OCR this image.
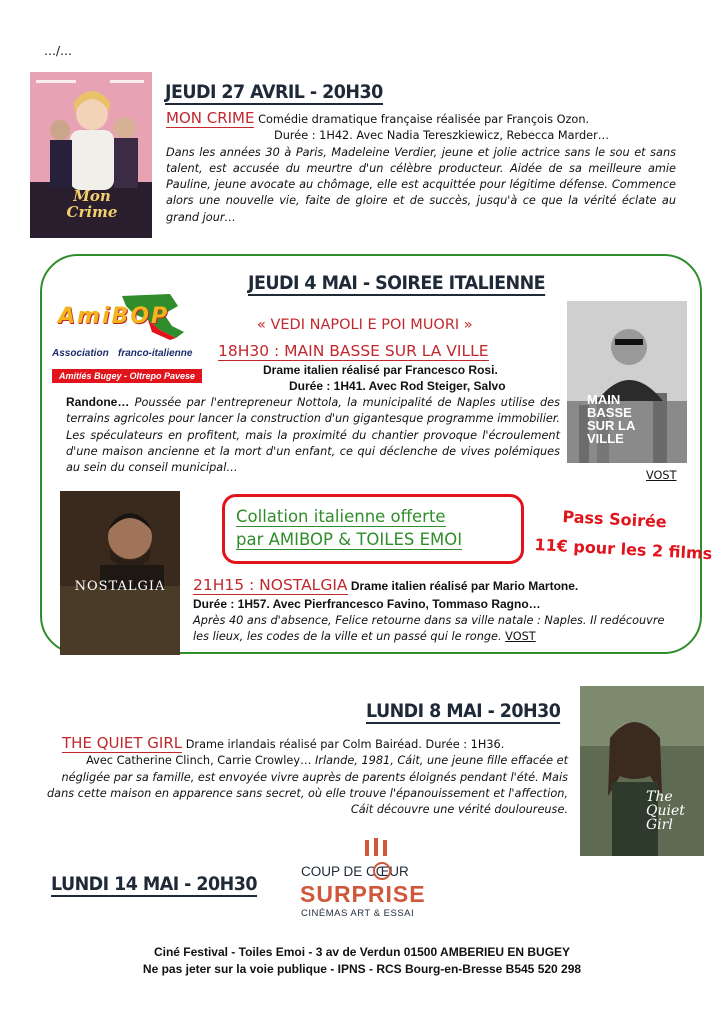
…/…
Mon Crime
JEUDI 27 AVRIL - 20H30
MON CRIME Comédie dramatique française réalisée par François Ozon.
Durée : 1H42. Avec Nadia Tereszkiewicz, Rebecca Marder…
Dans les années 30 à Paris, Madeleine Verdier, jeune et jolie actrice sans le sou et sans talent, est accusée du meurtre d'un célèbre producteur. Aidée de sa meilleure amie Pauline, jeune avocate au chômage, elle est acquittée pour légitime défense. Commence alors une nouvelle vie, faite de gloire et de succès, jusqu'à ce que la vérité éclate au grand jour…
JEUDI 4 MAI - SOIREE ITALIENNE
AmiBOP
Association franco-italienne
Amitiés Bugey - Oltrepo Pavese
« VEDI NAPOLI E POI MUORI »
MAIN BASSE SUR LA VILLE
18H30 : MAIN BASSE SUR LA VILLE
Drame italien réalisé par Francesco Rosi.
Durée : 1H41. Avec Rod Steiger, Salvo
Randone… Poussée par l'entrepreneur Nottola, la municipalité de Naples utilise des terrains agricoles pour lancer la construction d'un gigantesque programme immobilier. Les spéculateurs en profitent, mais la proximité du chantier provoque l'écroulement d'une maison ancienne et la mort d'un enfant, ce qui déclenche de vives polémiques au sein du conseil municipal…
VOST
NOSTALGIA
Collation italienne offerte
par AMIBOP & TOILES EMOI
Pass Soirée
11€ pour les 2 films
21H15 : NOSTALGIA Drame italien réalisé par Mario Martone.
Durée : 1H57. Avec Pierfrancesco Favino, Tommaso Ragno…
Après 40 ans d'absence, Felice retourne dans sa ville natale : Naples. Il redécouvre les lieux, les codes de la ville et un passé qui le ronge. VOST
LUNDI 8 MAI - 20H30
The Quiet Girl
THE QUIET GIRL Drame irlandais réalisé par Colm Bairéad. Durée : 1H36.
Avec Catherine Clinch, Carrie Crowley… Irlande, 1981, Cáit, une jeune fille effacée et négligée par sa famille, est envoyée vivre auprès de parents éloignés pendant l'été. Mais dans cette maison en apparence sans secret, où elle trouve l'épanouissement et l'affection, Cáit découvre une vérité douloureuse.
LUNDI 14 MAI - 20H30
COUP DE CŒUR
SURPRISE
CINÉMAS ART & ESSAI
Ciné Festival - Toiles Emoi - 3 av de Verdun 01500 AMBERIEU EN BUGEY
Ne pas jeter sur la voie publique - IPNS - RCS Bourg-en-Bresse B545 520 298
